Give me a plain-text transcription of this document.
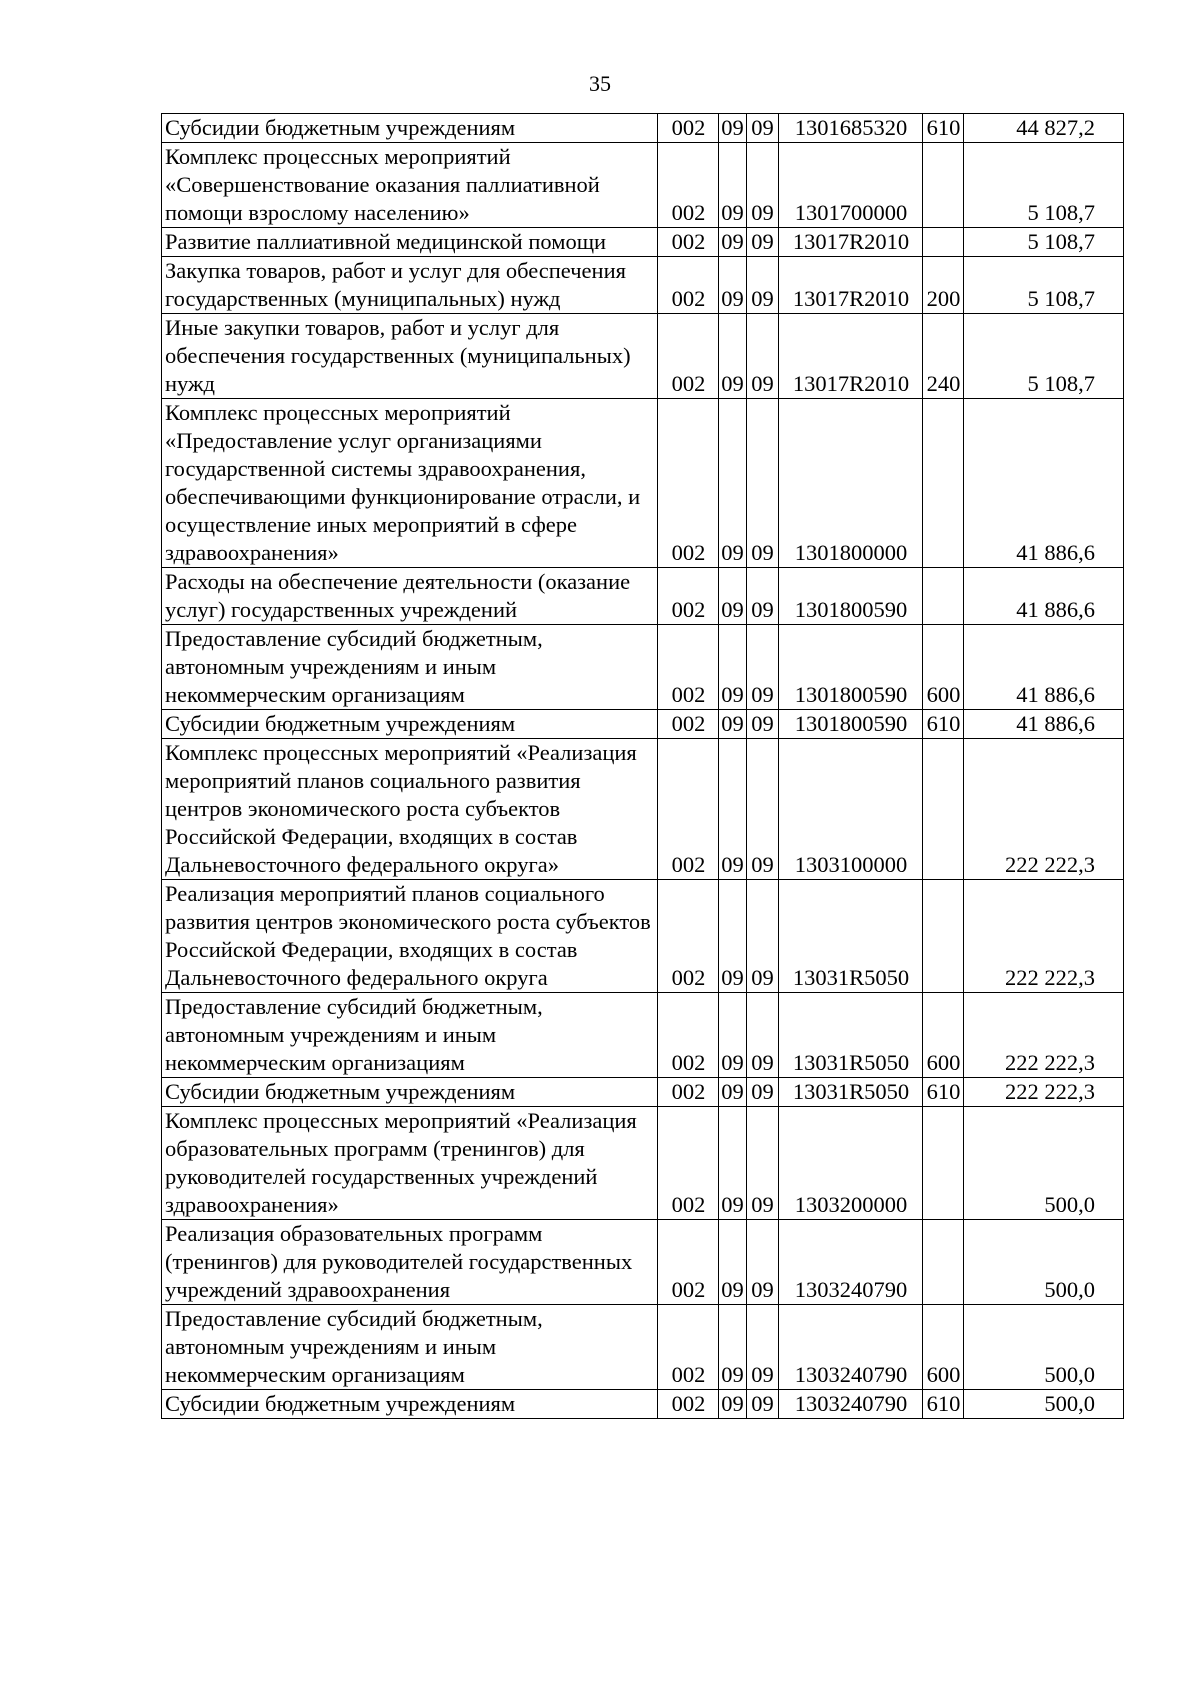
35
Субсидии бюджетным учреждениям	002	09	09	1301685320	610	44 827,2
Комплекс процессных мероприятий «Совершенствование оказания паллиативной помощи взрослому населению»	002	09	09	1301700000		5 108,7
Развитие паллиативной медицинской помощи	002	09	09	13017R2010		5 108,7
Закупка товаров, работ и услуг для обеспечения государственных (муниципальных) нужд	002	09	09	13017R2010	200	5 108,7
Иные закупки товаров, работ и услуг для обеспечения государственных (муниципальных) нужд	002	09	09	13017R2010	240	5 108,7
Комплекс процессных мероприятий «Предоставление услуг организациями государственной системы здравоохранения, обеспечивающими функционирование отрасли, и осуществление иных мероприятий в сфере здравоохранения»	002	09	09	1301800000		41 886,6
Расходы на обеспечение деятельности (оказание услуг) государственных учреждений	002	09	09	1301800590		41 886,6
Предоставление субсидий бюджетным, автономным учреждениям и иным некоммерческим организациям	002	09	09	1301800590	600	41 886,6
Субсидии бюджетным учреждениям	002	09	09	1301800590	610	41 886,6
Комплекс процессных мероприятий «Реализация мероприятий планов социального развития центров экономического роста субъектов Российской Федерации, входящих в состав Дальневосточного федерального округа»	002	09	09	1303100000		222 222,3
Реализация мероприятий планов социального развития центров экономического роста субъектов Российской Федерации, входящих в состав Дальневосточного федерального округа	002	09	09	13031R5050		222 222,3
Предоставление субсидий бюджетным, автономным учреждениям и иным некоммерческим организациям	002	09	09	13031R5050	600	222 222,3
Субсидии бюджетным учреждениям	002	09	09	13031R5050	610	222 222,3
Комплекс процессных мероприятий «Реализация образовательных программ (тренингов) для руководителей государственных учреждений здравоохранения»	002	09	09	1303200000		500,0
Реализация образовательных программ (тренингов) для руководителей государственных учреждений здравоохранения	002	09	09	1303240790		500,0
Предоставление субсидий бюджетным, автономным учреждениям и иным некоммерческим организациям	002	09	09	1303240790	600	500,0
Субсидии бюджетным учреждениям	002	09	09	1303240790	610	500,0
